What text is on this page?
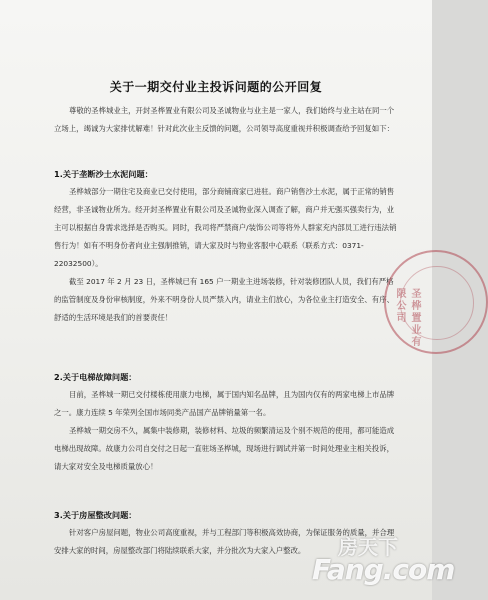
关于一期交付业主投诉问题的公开回复

尊敬的圣桦城业主，开封圣桦置业有限公司及圣诚物业与业主是一家人，我们始终与业主站在同一个立场上，竭诚为大家排忧解难！针对此次业主反馈的问题，公司领导高度重视并积极调查给予回复如下：

1.关于垄断沙土水泥问题：

圣桦城部分一期住宅及商业已交付使用，部分商铺商家已进驻。商户销售沙土水泥，属于正常的销售经营，非圣诚物业所为。经开封圣桦置业有限公司及圣诚物业深入调查了解，商户并无强买强卖行为，业主可以根据自身需求选择是否购买。同时，我司将严禁商户/装饰公司等将外人群家充内部员工进行违法销售行为！如有不明身份者向业主强制推销，请大家及时与物业客服中心联系（联系方式：0371-22032500）。

截至 2017 年 2 月 23 日，圣桦城已有 165 户一期业主进场装修，针对装修团队人员，我们有严格的监管制度及身份审核制度，外来不明身份人员严禁入内，请业主们放心，为各位业主打造安全、有序、舒适的生活环境是我们的首要责任！

2.关于电梯故障问题：

目前，圣桦城一期已交付楼栋使用康力电梯，属于国内知名品牌，且为国内仅有的两家电梯上市品牌之一。康力连续 5 年荣列全国市场同类产品国产品牌销量第一名。

圣桦城一期交房不久，属集中装修期，装修材料、垃圾的频繁清运及个别不规范的使用，都可能造成电梯出现故障。故康力公司自交付之日起一直驻场圣桦城，现场进行调试并第一时间处理业主相关投诉，请大家对安全及电梯质量放心！

3.关于房屋整改问题：

针对客户房屋问题，物业公司高度重视，并与工程部门等积极高效协商，为保证服务的质量，并合理安排大家的时间，房屋整改部门将陆续联系大家，并分批次为大家入户整改。

圣桦置业有限公司
房天下
Fang.com
